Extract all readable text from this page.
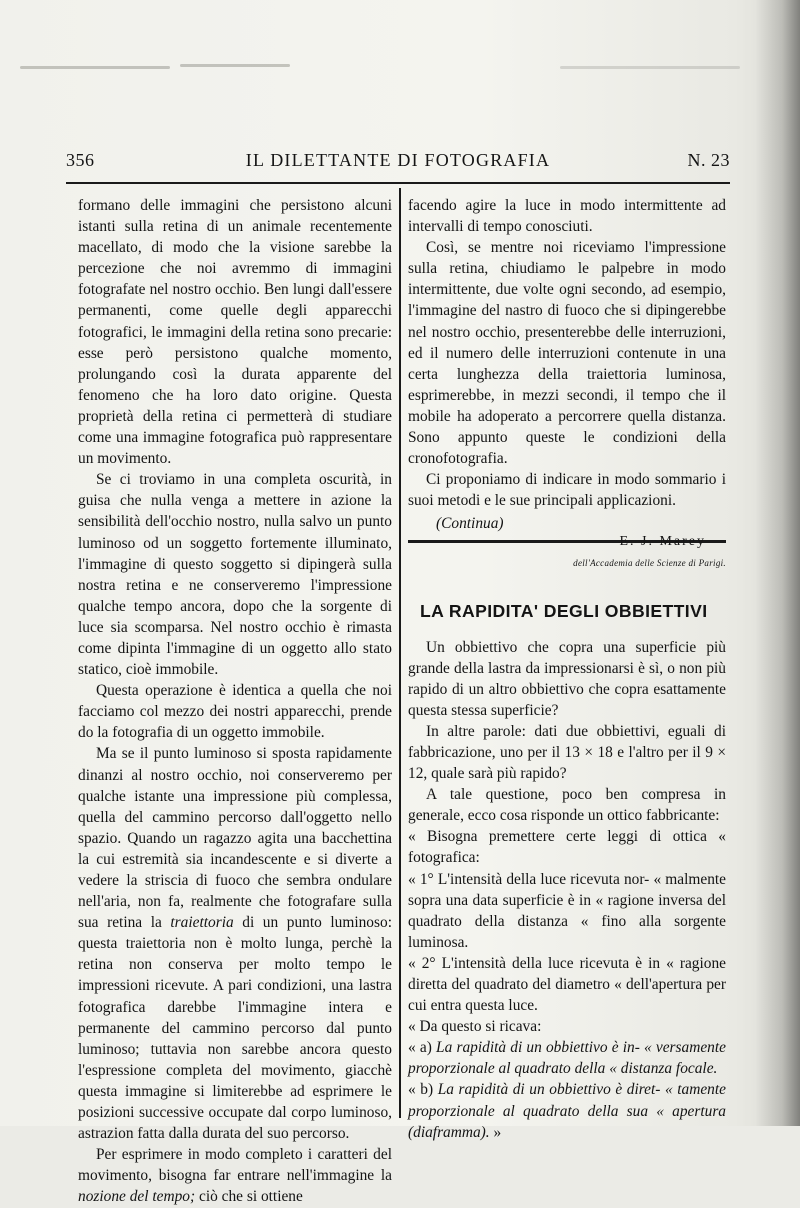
356	IL DILETTANTE DI FOTOGRAFIA	N. 23

formano delle immagini che persistono alcuni istanti sulla retina di un animale recentemente macellato, di modo che la visione sarebbe la percezione che noi avremmo di immagini fotografate nel nostro occhio. Ben lungi dall'essere permanenti, come quelle degli apparecchi fotografici, le immagini della retina sono precarie: esse però persistono qualche momento, prolungando così la durata apparente del fenomeno che ha loro dato origine. Questa proprietà della retina ci permetterà di studiare come una immagine fotografica può rappresentare un movimento.

Se ci troviamo in una completa oscurità, in guisa che nulla venga a mettere in azione la sensibilità dell'occhio nostro, nulla salvo un punto luminoso od un soggetto fortemente illuminato, l'immagine di questo soggetto si dipingerà sulla nostra retina e ne conserveremo l'impressione qualche tempo ancora, dopo che la sorgente di luce sia scomparsa. Nel nostro occhio è rimasta come dipinta l'immagine di un oggetto allo stato statico, cioè immobile.

Questa operazione è identica a quella che noi facciamo col mezzo dei nostri apparecchi, prende do la fotografia di un oggetto immobile.

Ma se il punto luminoso si sposta rapidamente dinanzi al nostro occhio, noi conserveremo per qualche istante una impressione più complessa, quella del cammino percorso dall'oggetto nello spazio. Quando un ragazzo agita una bacchettina la cui estremità sia incandescente e si diverte a vedere la striscia di fuoco che sembra ondulare nell'aria, non fa, realmente che fotografare sulla sua retina la traiettoria di un punto luminoso: questa traiettoria non è molto lunga, perchè la retina non conserva per molto tempo le impressioni ricevute. A pari condizioni, una lastra fotografica darebbe l'immagine intera e permanente del cammino percorso dal punto luminoso; tuttavia non sarebbe ancora questo l'espressione completa del movimento, giacchè questa immagine si limiterebbe ad esprimere le posizioni successive occupate dal corpo luminoso, astrazion fatta dalla durata del suo percorso.

Per esprimere in modo completo i caratteri del movimento, bisogna far entrare nell'immagine la nozione del tempo; ciò che si ottiene

facendo agire la luce in modo intermittente ad intervalli di tempo conosciuti.

Così, se mentre noi riceviamo l'impressione sulla retina, chiudiamo le palpebre in modo intermittente, due volte ogni secondo, ad esempio, l'immagine del nastro di fuoco che si dipingerebbe nel nostro occhio, presenterebbe delle interruzioni, ed il numero delle interruzioni contenute in una certa lunghezza della traiettoria luminosa, esprimerebbe, in mezzi secondi, il tempo che il mobile ha adoperato a percorrere quella distanza. Sono appunto queste le condizioni della cronofotografia.

Ci proponiamo di indicare in modo sommario i suoi metodi e le sue principali applicazioni.

(Continua)
E. J. Marey
dell'Accademia delle Scienze di Parigi.
LA RAPIDITA' DEGLI OBBIETTIVI

Un obbiettivo che copra una superficie più grande della lastra da impressionarsi è sì, o non più rapido di un altro obbiettivo che copra esattamente questa stessa superficie?

In altre parole: dati due obbiettivi, eguali di fabbricazione, uno per il 13 × 18 e l'altro per il 9 × 12, quale sarà più rapido?

A tale questione, poco ben compresa in generale, ecco cosa risponde un ottico fabbricante:

« Bisogna premettere certe leggi di ottica « fotografica:

« 1° L'intensità della luce ricevuta nor- « malmente sopra una data superficie è in « ragione inversa del quadrato della distanza « fino alla sorgente luminosa.

« 2° L'intensità della luce ricevuta è in « ragione diretta del quadrato del diametro « dell'apertura per cui entra questa luce.

« Da questo si ricava:

« a) La rapidità di un obbiettivo è in- « versamente proporzionale al quadrato della « distanza focale.

« b) La rapidità di un obbiettivo è diret- « tamente proporzionale al quadrato della sua « apertura (diaframma). »
